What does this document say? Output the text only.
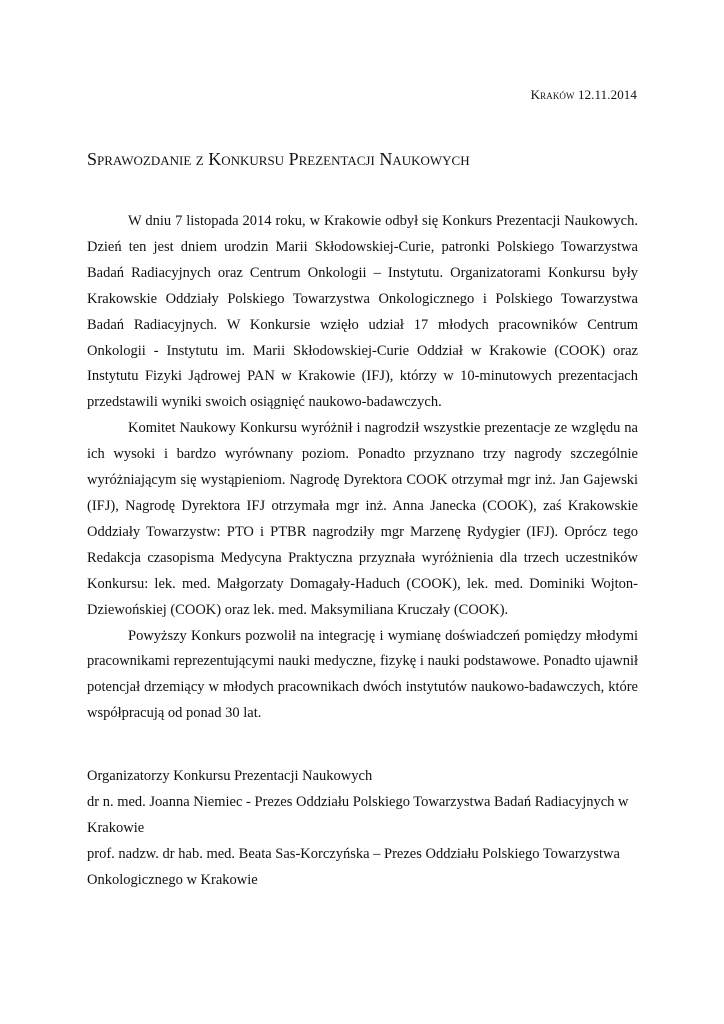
Kraków 12.11.2014
Sprawozdanie z Konkursu Prezentacji Naukowych

W dniu 7 listopada 2014 roku, w Krakowie odbył się Konkurs Prezentacji Naukowych. Dzień ten jest dniem urodzin Marii Skłodowskiej-Curie, patronki Polskiego Towarzystwa Badań Radiacyjnych oraz Centrum Onkologii – Instytutu. Organizatorami Konkursu były Krakowskie Oddziały Polskiego Towarzystwa Onkologicznego i Polskiego Towarzystwa Badań Radiacyjnych. W Konkursie wzięło udział 17 młodych pracowników Centrum Onkologii - Instytutu im. Marii Skłodowskiej-Curie Oddział w Krakowie (COOK) oraz Instytutu Fizyki Jądrowej PAN w Krakowie (IFJ), którzy w 10-minutowych prezentacjach przedstawili wyniki swoich osiągnięć naukowo-badawczych.

Komitet Naukowy Konkursu wyróżnił i nagrodził wszystkie prezentacje ze względu na ich wysoki i bardzo wyrównany poziom. Ponadto przyznano trzy nagrody szczególnie wyróżniającym się wystąpieniom. Nagrodę Dyrektora COOK otrzymał mgr inż. Jan Gajewski (IFJ), Nagrodę Dyrektora IFJ otrzymała mgr inż. Anna Janecka (COOK), zaś Krakowskie Oddziały Towarzystw: PTO i PTBR nagrodziły mgr Marzenę Rydygier (IFJ). Oprócz tego Redakcja czasopisma Medycyna Praktyczna przyznała wyróżnienia dla trzech uczestników Konkursu: lek. med. Małgorzaty Domagały-Haduch (COOK), lek. med. Dominiki Wojton-Dziewońskiej (COOK) oraz lek. med. Maksymiliana Kruczały (COOK).

Powyższy Konkurs pozwolił na integrację i wymianę doświadczeń pomiędzy młodymi pracownikami reprezentującymi nauki medyczne, fizykę i nauki podstawowe. Ponadto ujawnił potencjał drzemiący w młodych pracownikach dwóch instytutów naukowo-badawczych, które współpracują od ponad 30 lat.

Organizatorzy Konkursu Prezentacji Naukowych
dr n. med. Joanna Niemiec - Prezes Oddziału Polskiego Towarzystwa Badań Radiacyjnych w Krakowie
prof. nadzw. dr hab. med. Beata Sas-Korczyńska – Prezes Oddziału Polskiego Towarzystwa Onkologicznego w Krakowie
